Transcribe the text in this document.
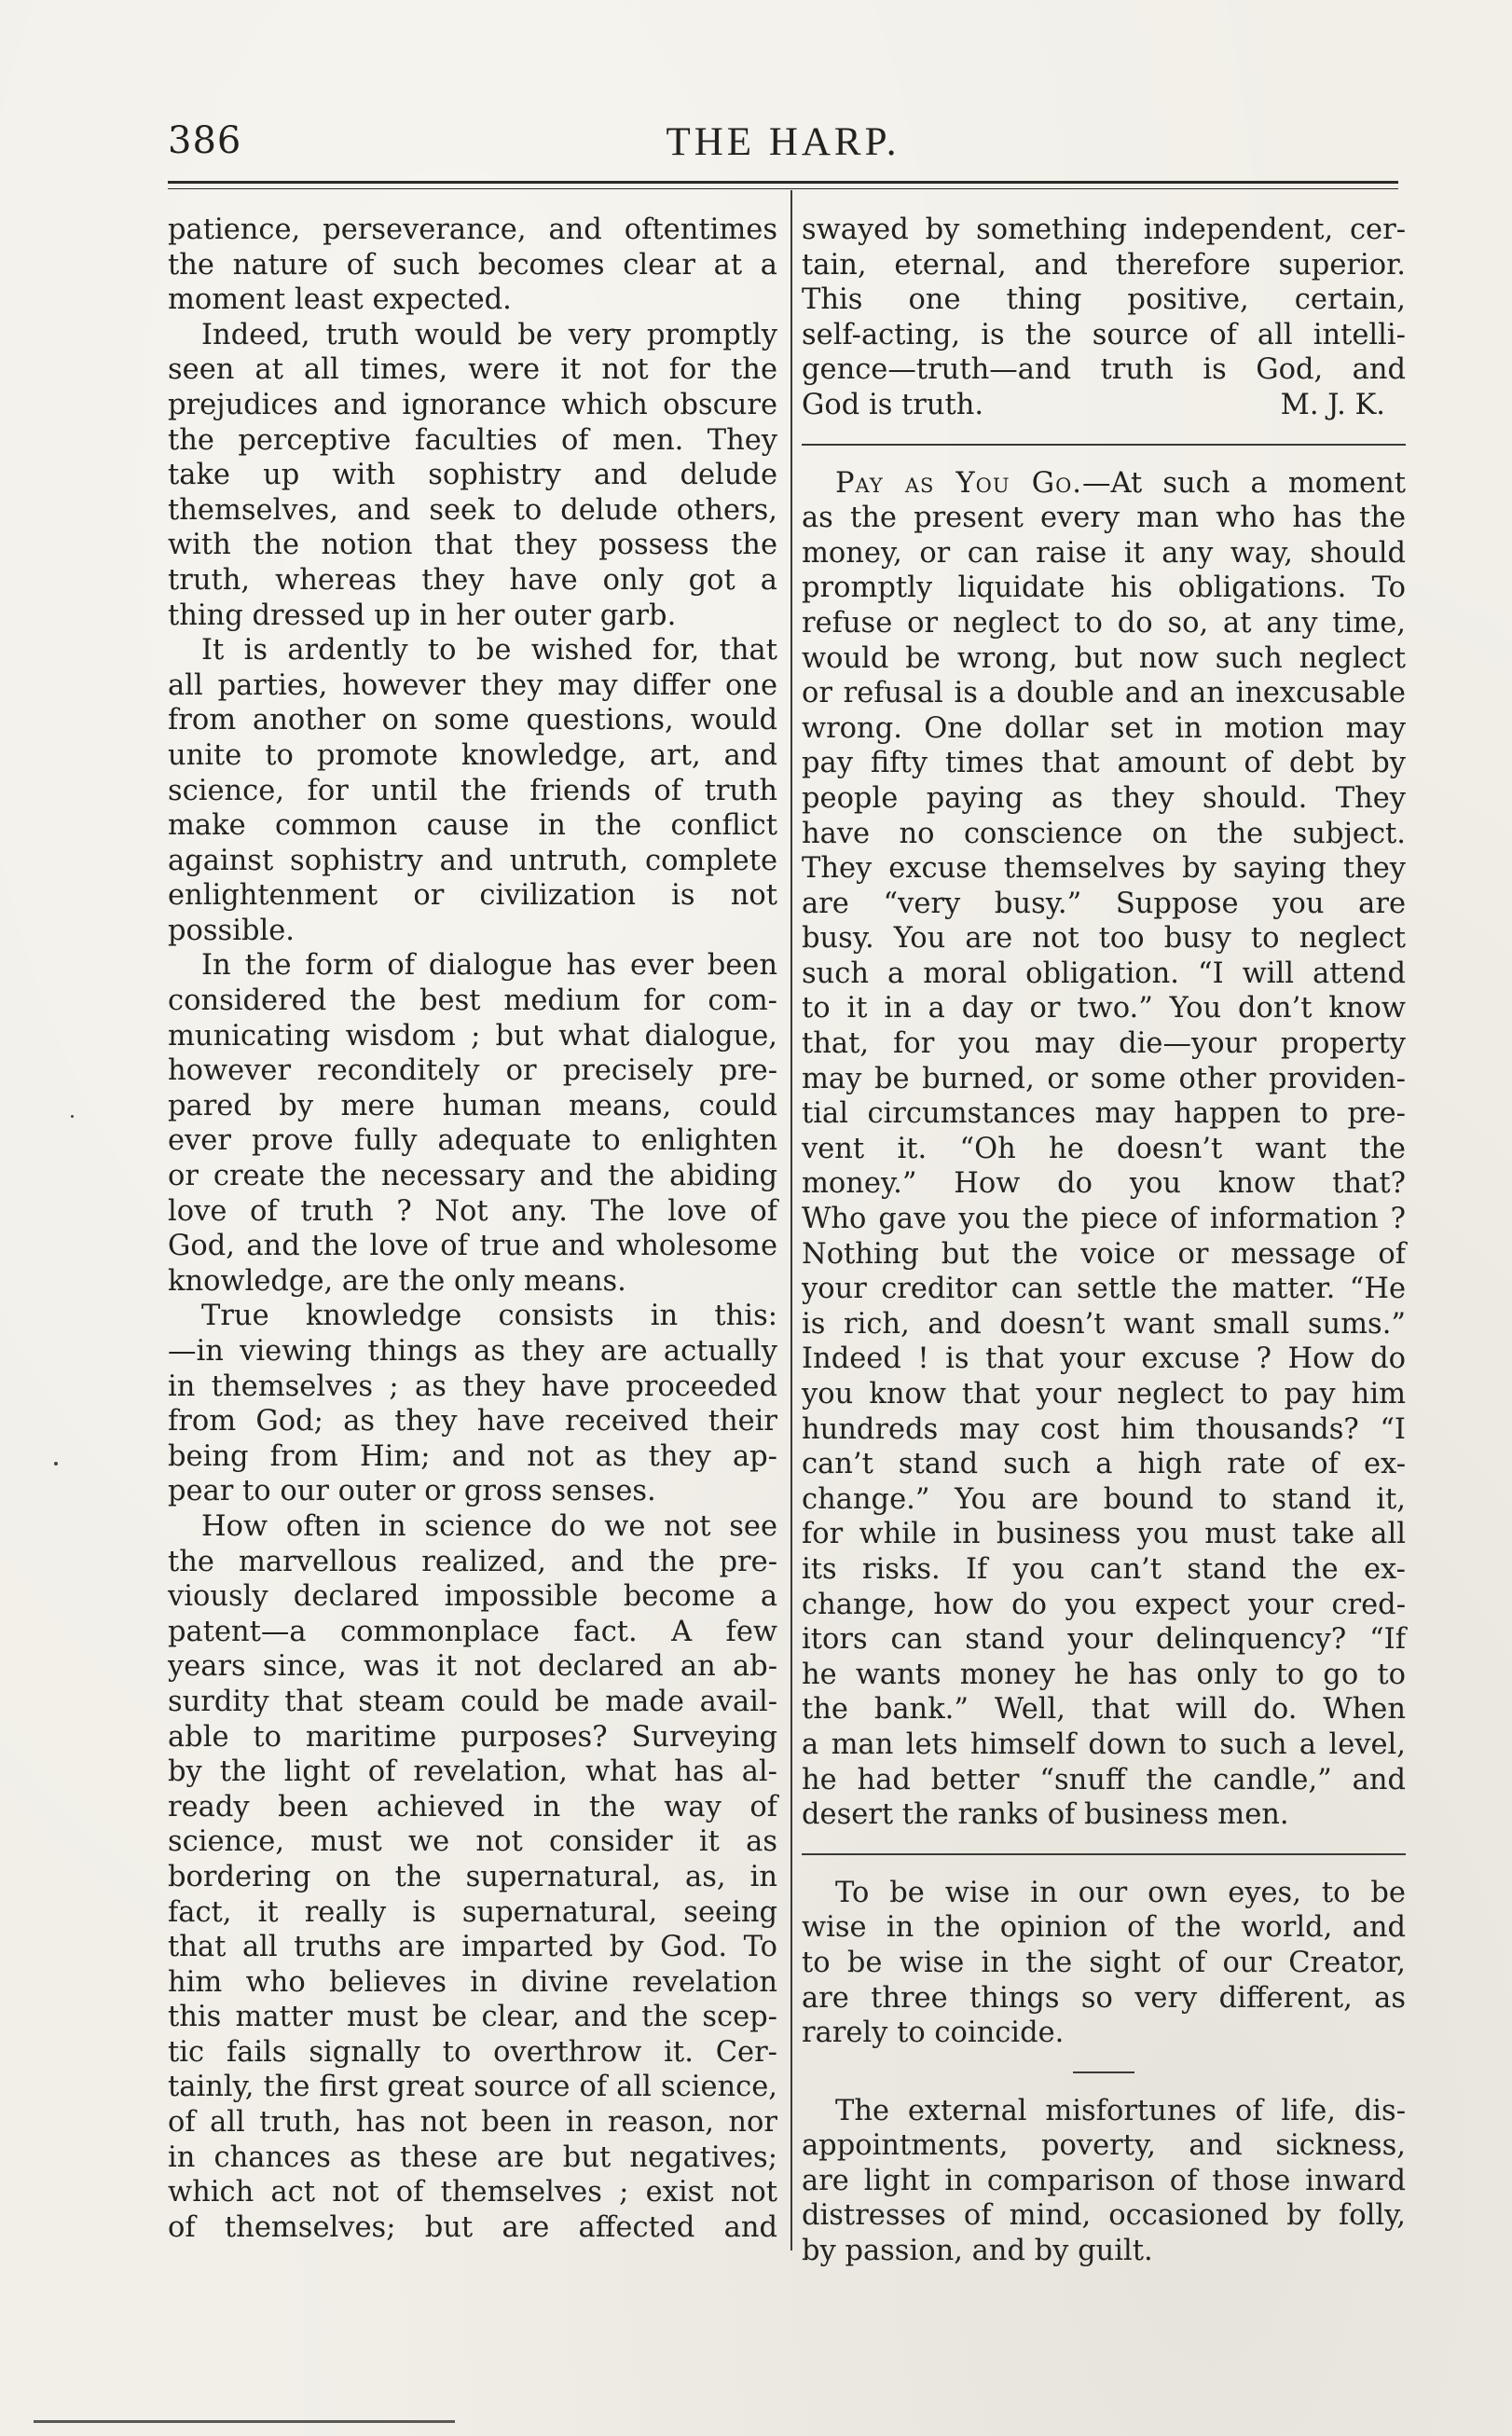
386	THE HARP.
patience, perseverance, and oftentimes
the nature of such becomes clear at a
moment least expected.
Indeed, truth would be very promptly
seen at all times, were it not for the
prejudices and ignorance which obscure
the perceptive faculties of men. They
take up with sophistry and delude
themselves, and seek to delude others,
with the notion that they possess the
truth, whereas they have only got a
thing dressed up in her outer garb.
It is ardently to be wished for, that
all parties, however they may differ one
from another on some questions, would
unite to promote knowledge, art, and
science, for until the friends of truth
make common cause in the conflict
against sophistry and untruth, complete
enlightenment or civilization is not
possible.
In the form of dialogue has ever been
considered the best medium for com-
municating wisdom ; but what dialogue,
however reconditely or precisely pre-
pared by mere human means, could
ever prove fully adequate to enlighten
or create the necessary and the abiding
love of truth ? Not any. The love of
God, and the love of true and wholesome
knowledge, are the only means.
True knowledge consists in this:
—in viewing things as they are actually
in themselves ; as they have proceeded
from God; as they have received their
being from Him; and not as they ap-
pear to our outer or gross senses.
How often in science do we not see
the marvellous realized, and the pre-
viously declared impossible become a
patent—a commonplace fact. A few
years since, was it not declared an ab-
surdity that steam could be made avail-
able to maritime purposes? Surveying
by the light of revelation, what has al-
ready been achieved in the way of
science, must we not consider it as
bordering on the supernatural, as, in
fact, it really is supernatural, seeing
that all truths are imparted by God. To
him who believes in divine revelation
this matter must be clear, and the scep-
tic fails signally to overthrow it. Cer-
tainly, the first great source of all science,
of all truth, has not been in reason, nor
in chances as these are but negatives;
which act not of themselves ; exist not
of themselves; but are affected and
swayed by something independent, cer-
tain, eternal, and therefore superior.
This one thing positive, certain,
self-acting, is the source of all intelli-
gence—truth—and truth is God, and
God is truth.	M. J. K.
Pay as You Go.—At such a moment
as the present every man who has the
money, or can raise it any way, should
promptly liquidate his obligations. To
refuse or neglect to do so, at any time,
would be wrong, but now such neglect
or refusal is a double and an inexcusable
wrong. One dollar set in motion may
pay fifty times that amount of debt by
people paying as they should. They
have no conscience on the subject.
They excuse themselves by saying they
are “very busy.” Suppose you are
busy. You are not too busy to neglect
such a moral obligation. “I will attend
to it in a day or two.” You don’t know
that, for you may die—your property
may be burned, or some other providen-
tial circumstances may happen to pre-
vent it. “Oh he doesn’t want the
money.” How do you know that?
Who gave you the piece of information ?
Nothing but the voice or message of
your creditor can settle the matter. “He
is rich, and doesn’t want small sums.”
Indeed ! is that your excuse ? How do
you know that your neglect to pay him
hundreds may cost him thousands? “I
can’t stand such a high rate of ex-
change.” You are bound to stand it,
for while in business you must take all
its risks. If you can’t stand the ex-
change, how do you expect your cred-
itors can stand your delinquency? “If
he wants money he has only to go to
the bank.” Well, that will do. When
a man lets himself down to such a level,
he had better “snuff the candle,” and
desert the ranks of business men.
To be wise in our own eyes, to be
wise in the opinion of the world, and
to be wise in the sight of our Creator,
are three things so very different, as
rarely to coincide.
The external misfortunes of life, dis-
appointments, poverty, and sickness,
are light in comparison of those inward
distresses of mind, occasioned by folly,
by passion, and by guilt.
